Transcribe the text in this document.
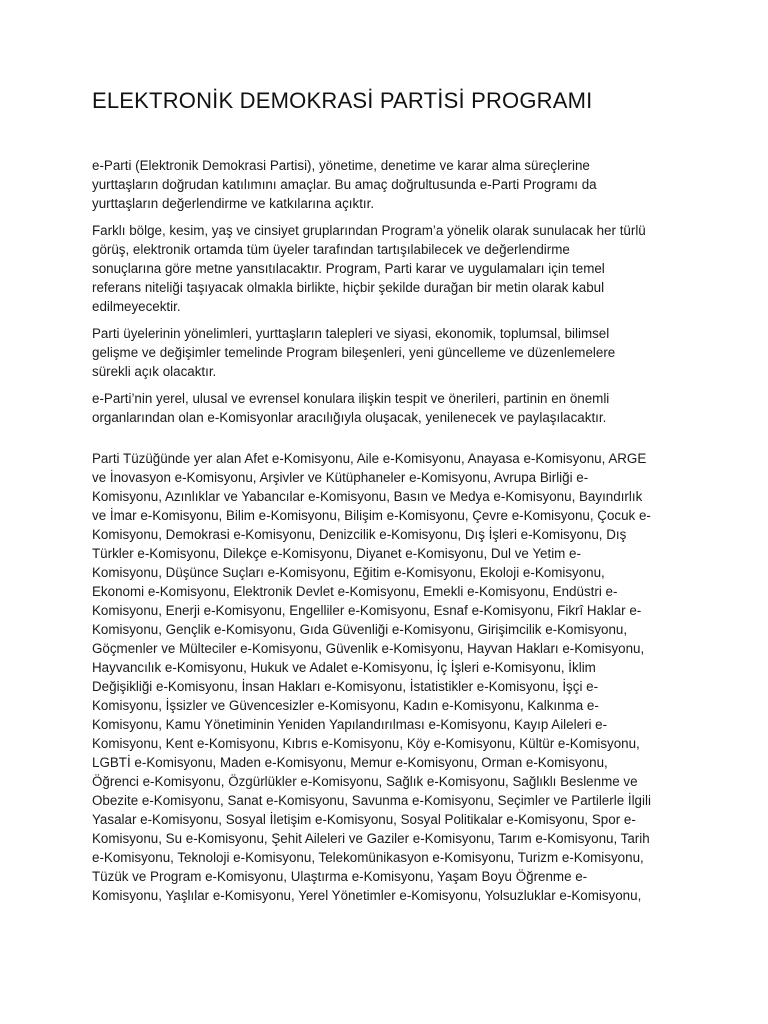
ELEKTRONİK DEMOKRASİ PARTİSİ PROGRAMI

e-Parti (Elektronik Demokrasi Partisi), yönetime, denetime ve karar alma süreçlerine
yurttaşların doğrudan katılımını amaçlar. Bu amaç doğrultusunda e-Parti Programı da
yurttaşların değerlendirme ve katkılarına açıktır.

Farklı bölge, kesim, yaş ve cinsiyet gruplarından Program’a yönelik olarak sunulacak her türlü
görüş, elektronik ortamda tüm üyeler tarafından tartışılabilecek ve değerlendirme
sonuçlarına göre metne yansıtılacaktır. Program, Parti karar ve uygulamaları için temel
referans niteliği taşıyacak olmakla birlikte, hiçbir şekilde durağan bir metin olarak kabul
edilmeyecektir.

Parti üyelerinin yönelimleri, yurttaşların talepleri ve siyasi, ekonomik, toplumsal, bilimsel
gelişme ve değişimler temelinde Program bileşenleri, yeni güncelleme ve düzenlemelere
sürekli açık olacaktır.

e-Parti’nin yerel, ulusal ve evrensel konulara ilişkin tespit ve önerileri, partinin en önemli
organlarından olan e-Komisyonlar aracılığıyla oluşacak, yenilenecek ve paylaşılacaktır.

Parti Tüzüğünde yer alan Afet e-Komisyonu, Aile e-Komisyonu, Anayasa e-Komisyonu, ARGE
ve İnovasyon e-Komisyonu, Arşivler ve Kütüphaneler e-Komisyonu, Avrupa Birliği e-
Komisyonu, Azınlıklar ve Yabancılar e-Komisyonu, Basın ve Medya e-Komisyonu, Bayındırlık
ve İmar e-Komisyonu, Bilim e-Komisyonu, Bilişim e-Komisyonu, Çevre e-Komisyonu, Çocuk e-
Komisyonu, Demokrasi e-Komisyonu, Denizcilik e-Komisyonu, Dış İşleri e-Komisyonu, Dış
Türkler e-Komisyonu, Dilekçe e-Komisyonu, Diyanet e-Komisyonu, Dul ve Yetim e-
Komisyonu, Düşünce Suçları e-Komisyonu, Eğitim e-Komisyonu, Ekoloji e-Komisyonu,
Ekonomi e-Komisyonu, Elektronik Devlet e-Komisyonu, Emekli e-Komisyonu, Endüstri e-
Komisyonu, Enerji e-Komisyonu, Engelliler e-Komisyonu, Esnaf e-Komisyonu, Fikrî Haklar e-
Komisyonu, Gençlik e-Komisyonu, Gıda Güvenliği e-Komisyonu, Girişimcilik e-Komisyonu,
Göçmenler ve Mülteciler e-Komisyonu, Güvenlik e-Komisyonu, Hayvan Hakları e-Komisyonu,
Hayvancılık e-Komisyonu, Hukuk ve Adalet e-Komisyonu, İç İşleri e-Komisyonu, İklim
Değişikliği e-Komisyonu, İnsan Hakları e-Komisyonu, İstatistikler e-Komisyonu, İşçi e-
Komisyonu, İşsizler ve Güvencesizler e-Komisyonu, Kadın e-Komisyonu, Kalkınma e-
Komisyonu, Kamu Yönetiminin Yeniden Yapılandırılması e-Komisyonu, Kayıp Aileleri e-
Komisyonu, Kent e-Komisyonu, Kıbrıs e-Komisyonu, Köy e-Komisyonu, Kültür e-Komisyonu,
LGBTİ e-Komisyonu, Maden e-Komisyonu, Memur e-Komisyonu, Orman e-Komisyonu,
Öğrenci e-Komisyonu, Özgürlükler e-Komisyonu, Sağlık e-Komisyonu, Sağlıklı Beslenme ve
Obezite e-Komisyonu, Sanat e-Komisyonu, Savunma e-Komisyonu, Seçimler ve Partilerle İlgili
Yasalar e-Komisyonu, Sosyal İletişim e-Komisyonu, Sosyal Politikalar e-Komisyonu, Spor e-
Komisyonu, Su e-Komisyonu, Şehit Aileleri ve Gaziler e-Komisyonu, Tarım e-Komisyonu, Tarih
e-Komisyonu, Teknoloji e-Komisyonu, Telekomünikasyon e-Komisyonu, Turizm e-Komisyonu,
Tüzük ve Program e-Komisyonu, Ulaştırma e-Komisyonu, Yaşam Boyu Öğrenme e-
Komisyonu, Yaşlılar e-Komisyonu, Yerel Yönetimler e-Komisyonu, Yolsuzluklar e-Komisyonu,
